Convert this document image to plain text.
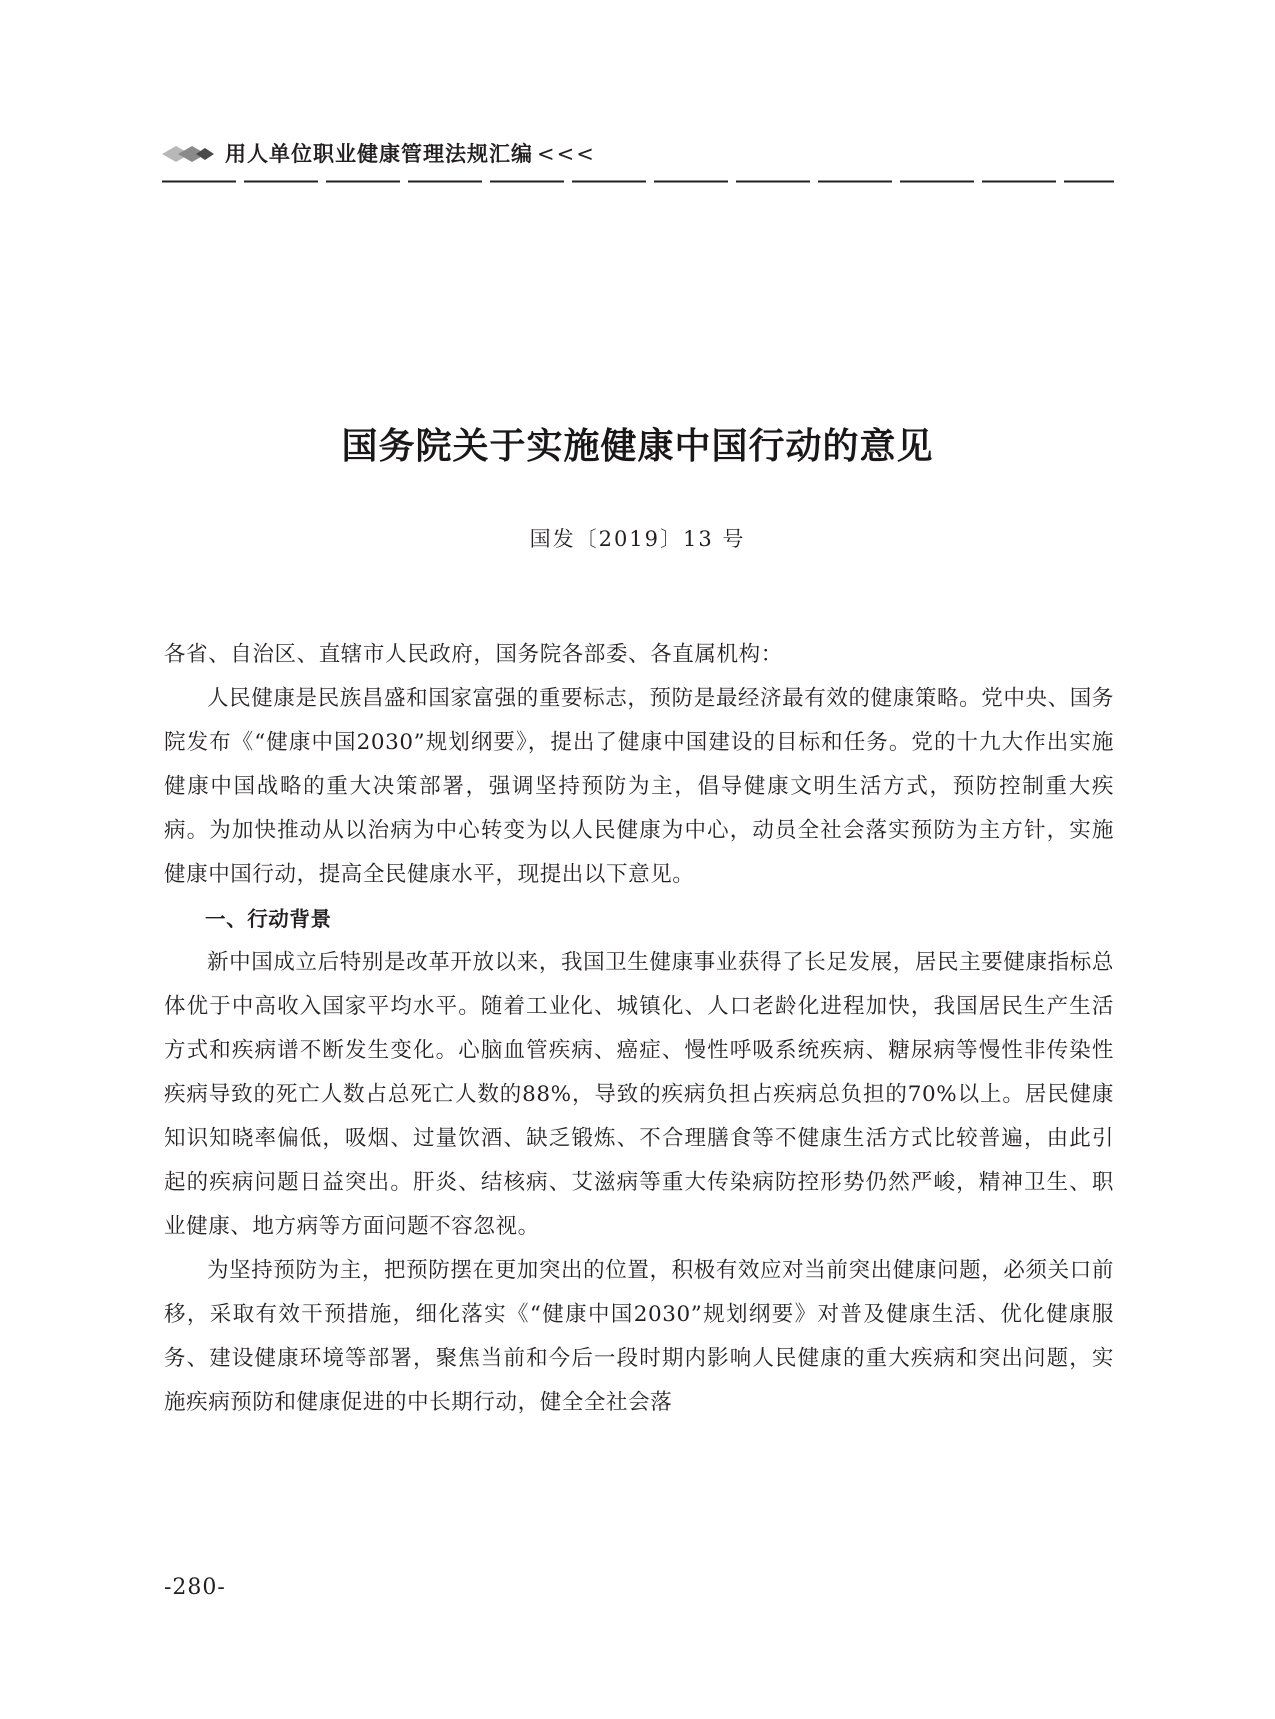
用人单位职业健康管理法规汇编 <<<
国务院关于实施健康中国行动的意见
国发〔2019〕13 号

各省、自治区、直辖市人民政府，国务院各部委、各直属机构：

人民健康是民族昌盛和国家富强的重要标志，预防是最经济最有效的健康策略。党中央、国务院发布《“健康中国2030”规划纲要》，提出了健康中国建设的目标和任务。党的十九大作出实施健康中国战略的重大决策部署，强调坚持预防为主，倡导健康文明生活方式，预防控制重大疾病。为加快推动从以治病为中心转变为以人民健康为中心，动员全社会落实预防为主方针，实施健康中国行动，提高全民健康水平，现提出以下意见。

一、行动背景

新中国成立后特别是改革开放以来，我国卫生健康事业获得了长足发展，居民主要健康指标总体优于中高收入国家平均水平。随着工业化、城镇化、人口老龄化进程加快，我国居民生产生活方式和疾病谱不断发生变化。心脑血管疾病、癌症、慢性呼吸系统疾病、糖尿病等慢性非传染性疾病导致的死亡人数占总死亡人数的88%，导致的疾病负担占疾病总负担的70%以上。居民健康知识知晓率偏低，吸烟、过量饮酒、缺乏锻炼、不合理膳食等不健康生活方式比较普遍，由此引起的疾病问题日益突出。肝炎、结核病、艾滋病等重大传染病防控形势仍然严峻，精神卫生、职业健康、地方病等方面问题不容忽视。

为坚持预防为主，把预防摆在更加突出的位置，积极有效应对当前突出健康问题，必须关口前移，采取有效干预措施，细化落实《“健康中国2030”规划纲要》对普及健康生活、优化健康服务、建设健康环境等部署，聚焦当前和今后一段时期内影响人民健康的重大疾病和突出问题，实施疾病预防和健康促进的中长期行动，健全全社会落

-280-
